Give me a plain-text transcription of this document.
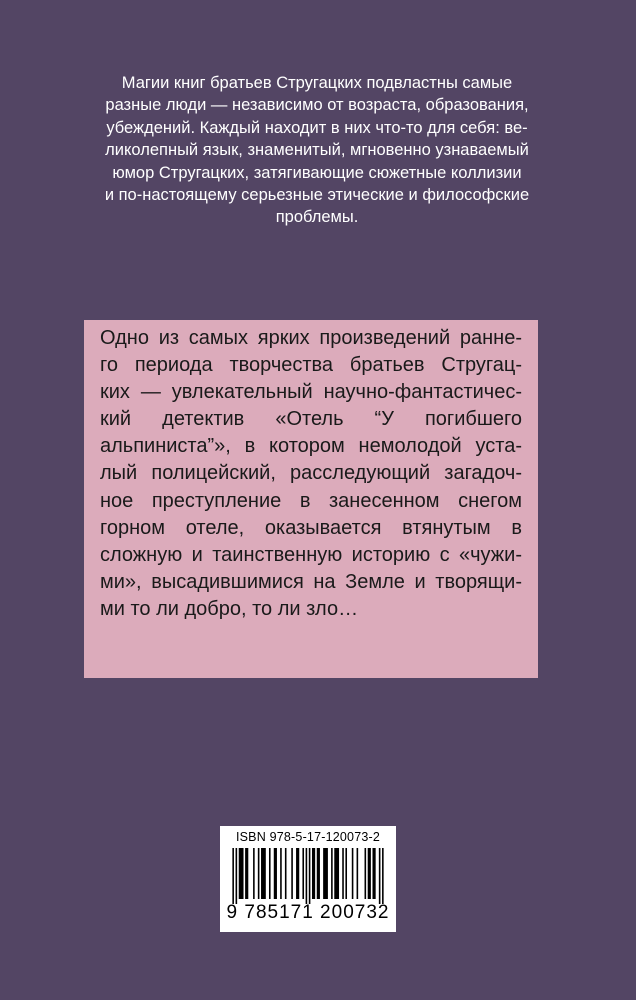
Магии книг братьев Стругацких подвластны самые
разные люди — независимо от возраста, образования,
убеждений. Каждый находит в них что-то для себя: ве-
ликолепный язык, знаменитый, мгновенно узнаваемый
юмор Стругацких, затягивающие сюжетные коллизии
и по-настоящему серьезные этические и философские
проблемы.

Одно из самых ярких произведений ранне-
го периода творчества братьев Стругац-
ких — увлекательный научно-фантастичес-
кий детектив «Отель “У погибшего
альпиниста”», в котором немолодой уста-
лый полицейский, расследующий загадоч-
ное преступление в занесенном снегом
горном отеле, оказывается втянутым в
сложную и таинственную историю с «чужи-
ми», высадившимися на Земле и творящи-
ми то ли добро, то ли зло…

ISBN 978-5-17-120073-2
9 785171 200732
